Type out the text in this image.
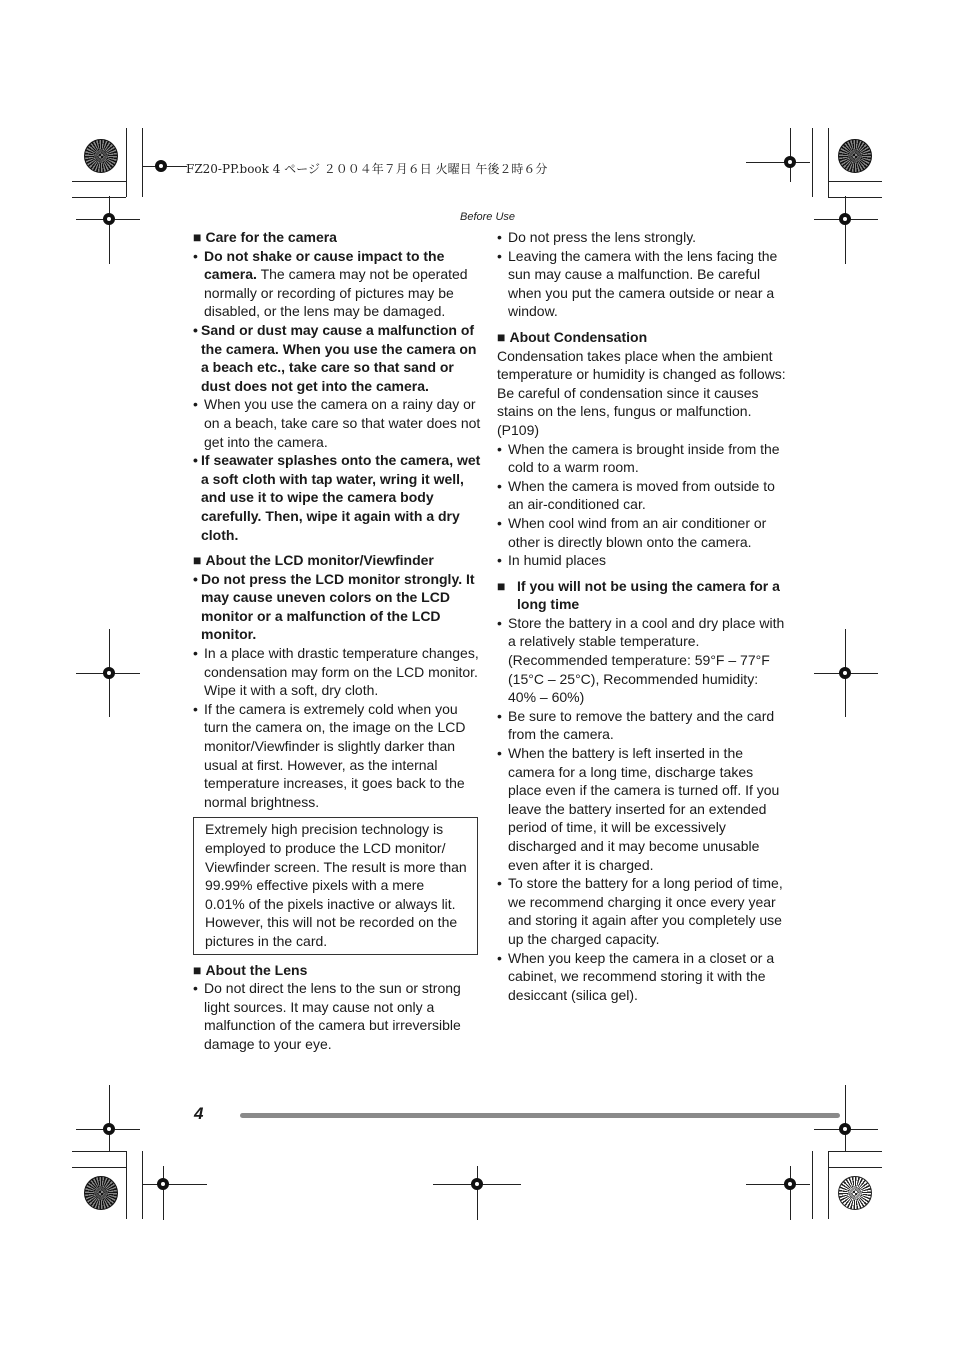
FZ20-PP.book 4 ページ ２００４年７月６日 火曜日 午後２時６分
Before Use

■ Care for the camera

• Do not shake or cause impact to the camera. The camera may not be operated normally or recording of pictures may be disabled, or the lens may be damaged.
• Sand or dust may cause a malfunction of the camera. When you use the camera on a beach etc., take care so that sand or dust does not get into the camera.
• When you use the camera on a rainy day or on a beach, take care so that water does not get into the camera.
• If seawater splashes onto the camera, wet a soft cloth with tap water, wring it well, and use it to wipe the camera body carefully. Then, wipe it again with a dry cloth.

■ About the LCD monitor/Viewfinder

• Do not press the LCD monitor strongly. It may cause uneven colors on the LCD monitor or a malfunction of the LCD monitor.
• In a place with drastic temperature changes, condensation may form on the LCD monitor. Wipe it with a soft, dry cloth.
• If the camera is extremely cold when you turn the camera on, the image on the LCD monitor/Viewfinder is slightly darker than usual at first. However, as the internal temperature increases, it goes back to the normal brightness.

Extremely high precision technology is employed to produce the LCD monitor/ Viewfinder screen. The result is more than 99.99% effective pixels with a mere 0.01% of the pixels inactive or always lit. However, this will not be recorded on the pictures in the card.

■ About the Lens

• Do not direct the lens to the sun or strong light sources. It may cause not only a malfunction of the camera but irreversible damage to your eye.
• Do not press the lens strongly.
• Leaving the camera with the lens facing the sun may cause a malfunction. Be careful when you put the camera outside or near a window.

■ About Condensation

Condensation takes place when the ambient temperature or humidity is changed as follows:

Be careful of condensation since it causes stains on the lens, fungus or malfunction. (P109)

• When the camera is brought inside from the cold to a warm room.
• When the camera is moved from outside to an air-conditioned car.
• When cool wind from an air conditioner or other is directly blown onto the camera.
• In humid places
■ If you will not be using the camera for a long time
• Store the battery in a cool and dry place with a relatively stable temperature. (Recommended temperature: 59°F – 77°F (15°C – 25°C), Recommended humidity: 40% – 60%)
• Be sure to remove the battery and the card from the camera.
• When the battery is left inserted in the camera for a long time, discharge takes place even if the camera is turned off. If you leave the battery inserted for an extended period of time, it will be excessively discharged and it may become unusable even after it is charged.
• To store the battery for a long period of time, we recommend charging it once every year and storing it again after you completely use up the charged capacity.
• When you keep the camera in a closet or a cabinet, we recommend storing it with the desiccant (silica gel).
4
